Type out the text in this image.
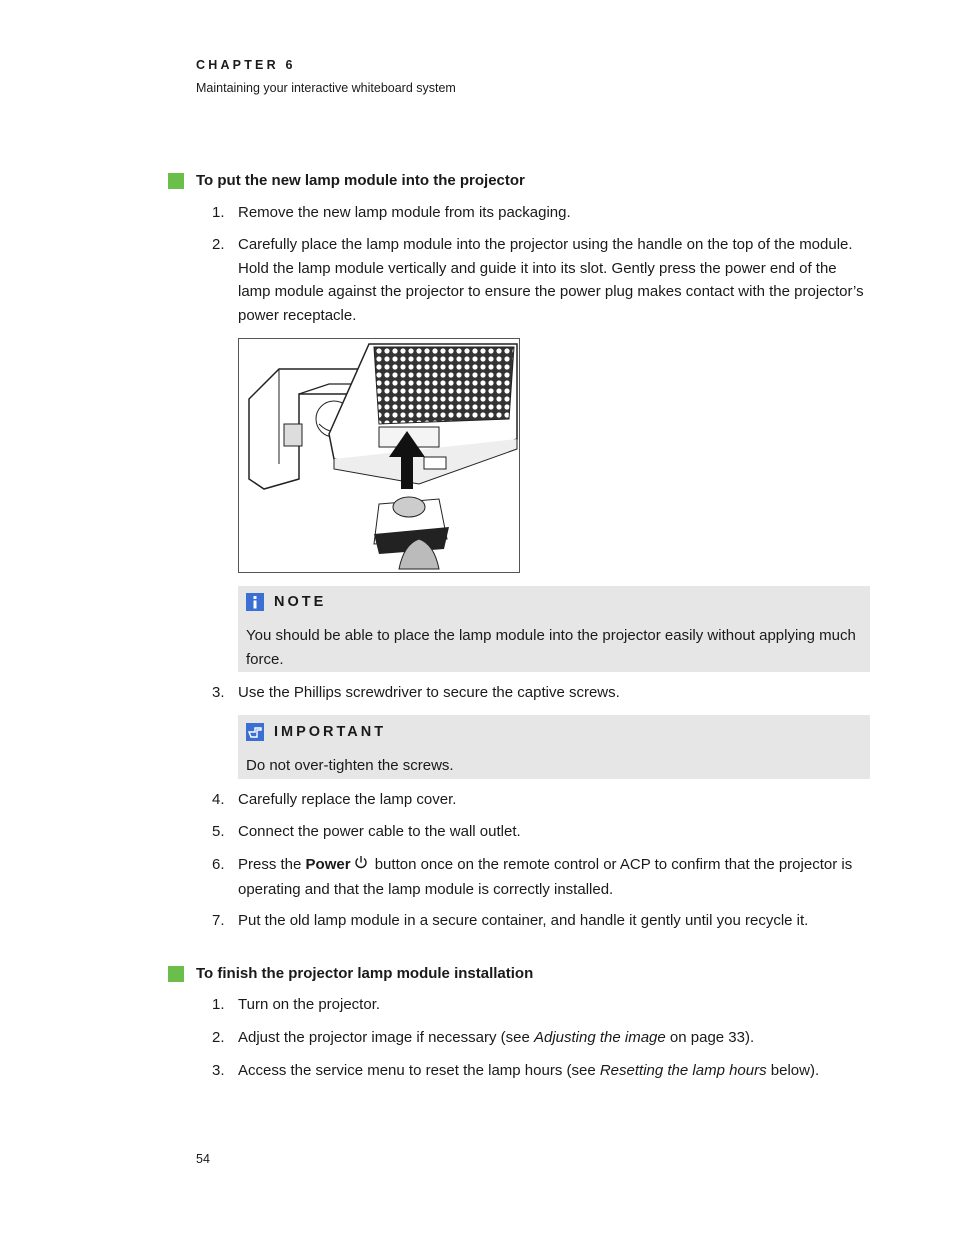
CHAPTER 6
Maintaining your interactive whiteboard system
To put the new lamp module into the projector
1. Remove the new lamp module from its packaging.
2. Carefully place the lamp module into the projector using the handle on the top of the module. Hold the lamp module vertically and guide it into its slot. Gently press the power end of the lamp module against the projector to ensure the power plug makes contact with the projector’s power receptacle.
NOTE
You should be able to place the lamp module into the projector easily without applying much force.
3. Use the Phillips screwdriver to secure the captive screws.
IMPORTANT
Do not over-tighten the screws.
4. Carefully replace the lamp cover.
5. Connect the power cable to the wall outlet.
6. Press the Power button once on the remote control or ACP to confirm that the projector is operating and that the lamp module is correctly installed.
7. Put the old lamp module in a secure container, and handle it gently until you recycle it.
To finish the projector lamp module installation
1. Turn on the projector.
2. Adjust the projector image if necessary (see Adjusting the image on page 33).
3. Access the service menu to reset the lamp hours (see Resetting the lamp hours below).
54
